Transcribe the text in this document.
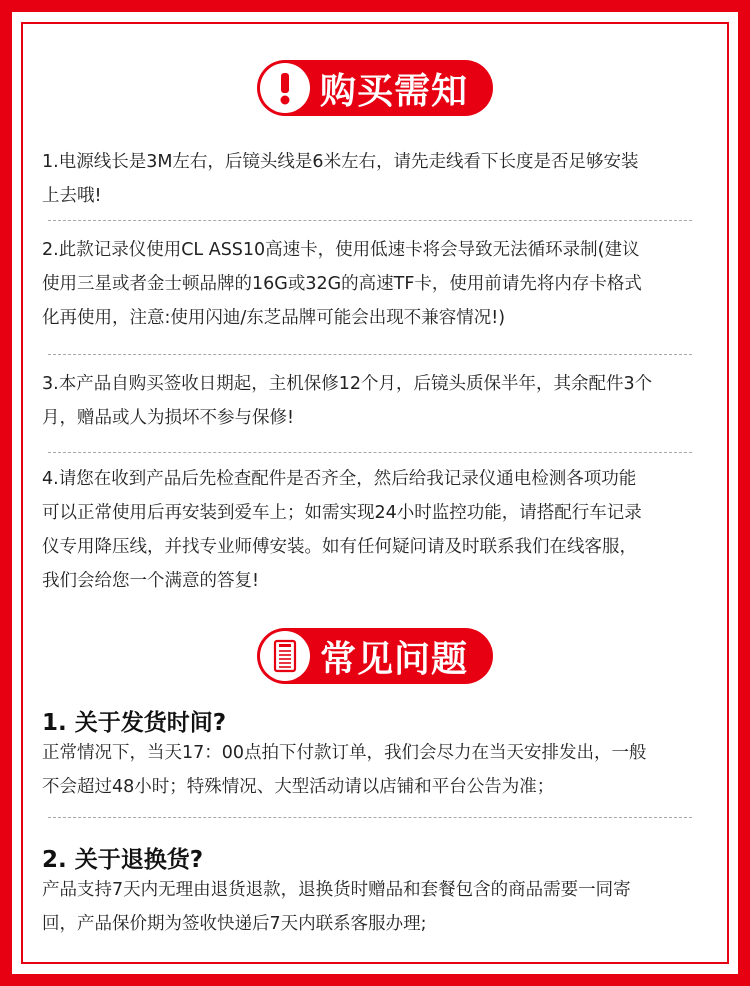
购买需知
1.电源线长是3M左右，后镜头线是6米左右，请先走线看下长度是否足够安装
上去哦!
2.此款记录仪使用CL ASS10高速卡，使用低速卡将会导致无法循环录制(建议
使用三星或者金士顿品牌的16G或32G的高速TF卡，使用前请先将内存卡格式
化再使用，注意:使用闪迪/东芝品牌可能会出现不兼容情况!)
3.本产品自购买签收日期起，主机保修12个月，后镜头质保半年，其余配件3个
月，赠品或人为损坏不参与保修!
4.请您在收到产品后先检查配件是否齐全，然后给我记录仪通电检测各项功能
可以正常使用后再安装到爱车上；如需实现24小时监控功能，请搭配行车记录
仪专用降压线，并找专业师傅安装。如有任何疑问请及时联系我们在线客服，
我们会给您一个满意的答复!
常见问题
1. 关于发货时间?
正常情况下，当天17：00点拍下付款订单，我们会尽力在当天安排发出，一般
不会超过48小时；特殊情况、大型活动请以店铺和平台公告为准；
2. 关于退换货?
产品支持7天内无理由退货退款，退换货时赠品和套餐包含的商品需要一同寄
回，产品保价期为签收快递后7天内联系客服办理;
